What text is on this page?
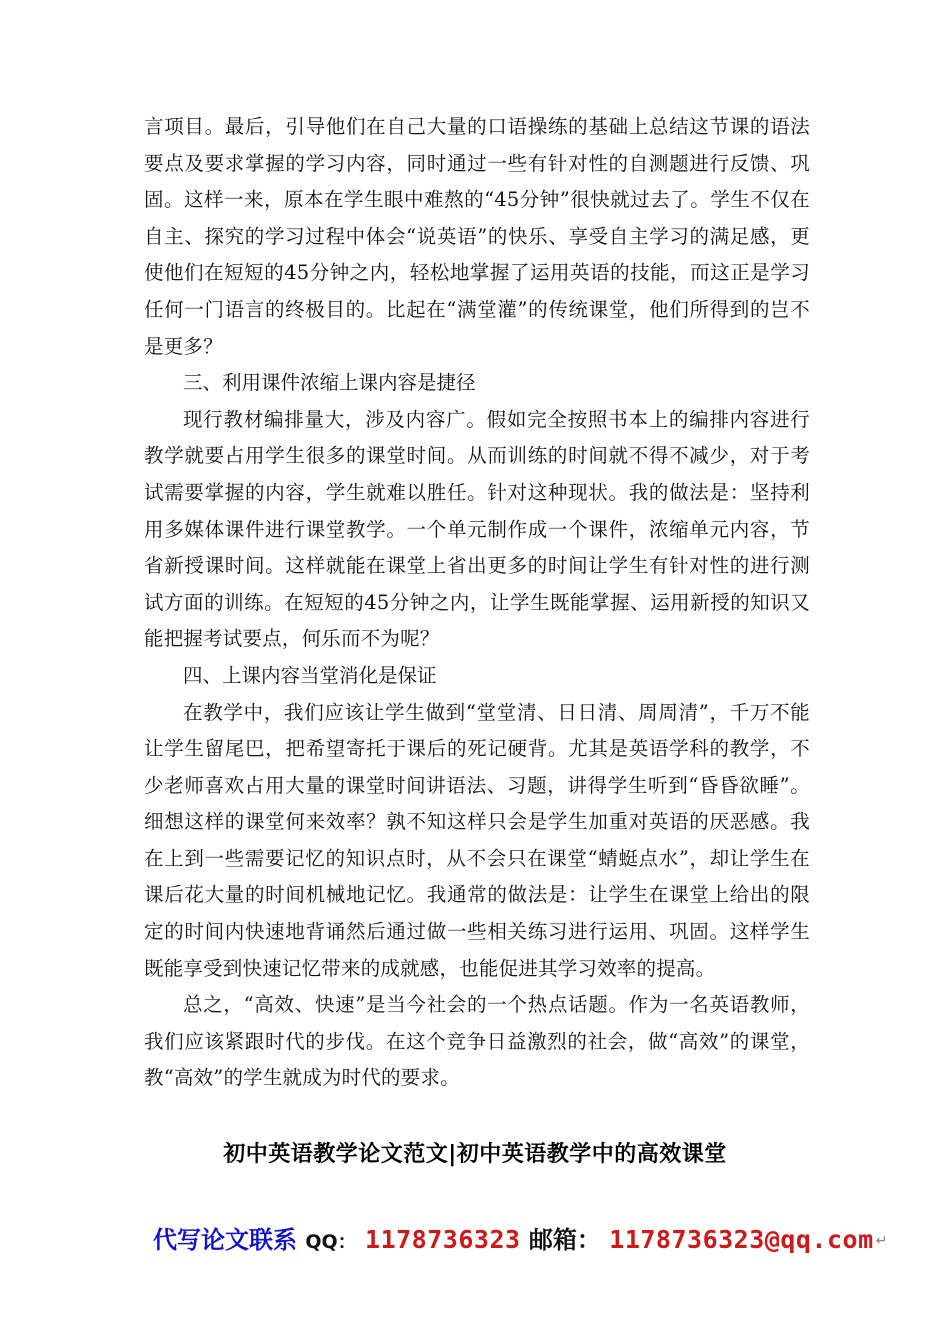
言项目。最后，引导他们在自己大量的口语操练的基础上总结这节课的语法要点及要求掌握的学习内容，同时通过一些有针对性的自测题进行反馈、巩固。这样一来，原本在学生眼中难熬的“45分钟”很快就过去了。学生不仅在自主、探究的学习过程中体会“说英语”的快乐、享受自主学习的满足感，更使他们在短短的45分钟之内，轻松地掌握了运用英语的技能，而这正是学习任何一门语言的终极目的。比起在“满堂灌”的传统课堂，他们所得到的岂不是更多？

三、利用课件浓缩上课内容是捷径

现行教材编排量大，涉及内容广。假如完全按照书本上的编排内容进行教学就要占用学生很多的课堂时间。从而训练的时间就不得不减少，对于考试需要掌握的内容，学生就难以胜任。针对这种现状。我的做法是：坚持利用多媒体课件进行课堂教学。一个单元制作成一个课件，浓缩单元内容，节省新授课时间。这样就能在课堂上省出更多的时间让学生有针对性的进行测试方面的训练。在短短的45分钟之内，让学生既能掌握、运用新授的知识又能把握考试要点，何乐而不为呢？

四、上课内容当堂消化是保证

在教学中，我们应该让学生做到“堂堂清、日日清、周周清”，千万不能让学生留尾巴，把希望寄托于课后的死记硬背。尤其是英语学科的教学，不少老师喜欢占用大量的课堂时间讲语法、习题，讲得学生听到“昏昏欲睡”。细想这样的课堂何来效率？孰不知这样只会是学生加重对英语的厌恶感。我在上到一些需要记忆的知识点时，从不会只在课堂“蜻蜓点水”，却让学生在课后花大量的时间机械地记忆。我通常的做法是：让学生在课堂上给出的限定的时间内快速地背诵然后通过做一些相关练习进行运用、巩固。这样学生既能享受到快速记忆带来的成就感，也能促进其学习效率的提高。

总之，“高效、快速”是当今社会的一个热点话题。作为一名英语教师，我们应该紧跟时代的步伐。在这个竞争日益激烈的社会，做“高效”的课堂，教“高效”的学生就成为时代的要求。

初中英语教学论文范文|初中英语教学中的高效课堂
代写论文联系 QQ： 1178736323 邮箱： 1178736323@qq.com ↵
